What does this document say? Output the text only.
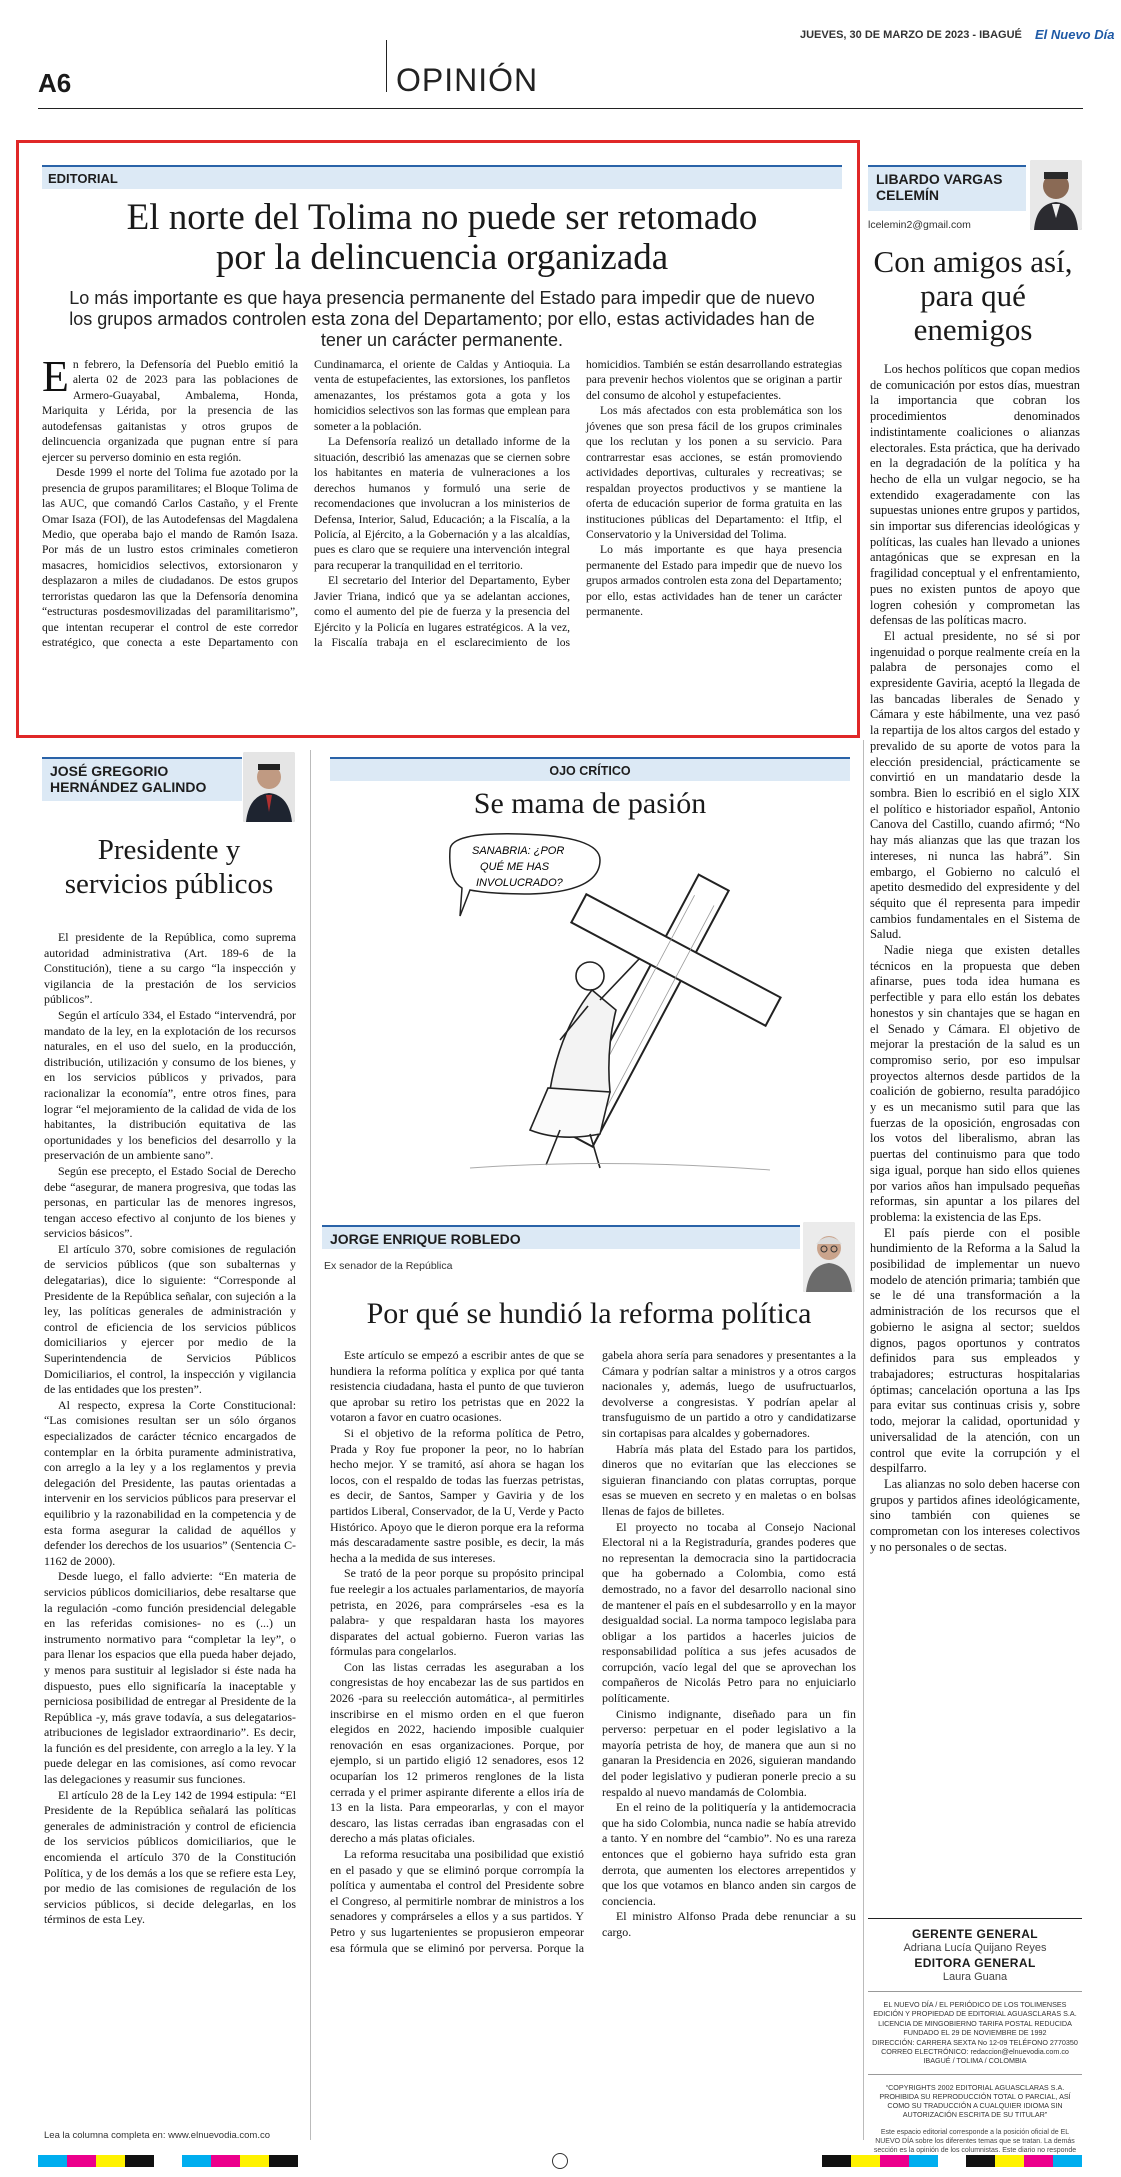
JUEVES, 30 DE MARZO DE 2023 - IBAGUÉ El Nuevo Día
A6	OPINIÓN
EDITORIAL
El norte del Tolima no puede ser retomado
por la delincuencia organizada
Lo más importante es que haya presencia permanente del Estado para impedir que de nuevo los grupos armados controlen esta zona del Departamento; por ello, estas actividades han de tener un carácter permanente.

En febrero, la Defensoría del Pueblo emitió la alerta 02 de 2023 para las poblaciones de Armero-Guayabal, Ambalema, Honda, Mariquita y Lérida, por la presencia de las autodefensas gaitanistas y otros grupos de delincuencia organizada que pugnan entre sí para ejercer su perverso dominio en esta región.

Desde 1999 el norte del Tolima fue azotado por la presencia de grupos paramilitares; el Bloque Tolima de las AUC, que comandó Carlos Castaño, y el Frente Omar Isaza (FOI), de las Autodefensas del Magdalena Medio, que operaba bajo el mando de Ramón Isaza. Por más de un lustro estos criminales cometieron masacres, homicidios selectivos, extorsionaron y desplazaron a miles de ciudadanos. De estos grupos terroristas quedaron las que la Defensoría denomina “estructuras posdesmovilizadas del paramilitarismo”, que intentan recuperar el control de este corredor estratégico, que conecta a este Departamento con Cundinamarca, el oriente de Caldas y Antioquia. La venta de estupefacientes, las extorsiones, los panfletos amenazantes, los préstamos gota a gota y los homicidios selectivos son las formas que emplean para someter a la población.

La Defensoría realizó un detallado informe de la situación, describió las amenazas que se ciernen sobre los habitantes en materia de vulneraciones a los derechos humanos y formuló una serie de recomendaciones que involucran a los ministerios de Defensa, Interior, Salud, Educación; a la Fiscalía, a la Policía, al Ejército, a la Gobernación y a las alcaldías, pues es claro que se requiere una intervención integral para recuperar la tranquilidad en el territorio.

El secretario del Interior del Departamento, Eyber Javier Triana, indicó que ya se adelantan acciones, como el aumento del pie de fuerza y la presencia del Ejército y la Policía en lugares estratégicos. A la vez, la Fiscalía trabaja en el esclarecimiento de los homicidios. También se están desarrollando estrategias para prevenir hechos violentos que se originan a partir del consumo de alcohol y estupefacientes.

Los más afectados con esta problemática son los jóvenes que son presa fácil de los grupos criminales que los reclutan y los ponen a su servicio. Para contrarrestar esas acciones, se están promoviendo actividades deportivas, culturales y recreativas; se respaldan proyectos productivos y se mantiene la oferta de educación superior de forma gratuita en las instituciones públicas del Departamento: el Itfip, el Conservatorio y la Universidad del Tolima.

Lo más importante es que haya presencia permanente del Estado para impedir que de nuevo los grupos armados controlen esta zona del Departamento; por ello, estas actividades han de tener un carácter permanente.

LIBARDO VARGAS CELEMÍN
lcelemin2@gmail.com
Con amigos así, para qué enemigos

Los hechos políticos que copan medios de comunicación por estos días, muestran la importancia que cobran los procedimientos denominados indistintamente coaliciones o alianzas electorales. Esta práctica, que ha derivado en la degradación de la política y ha hecho de ella un vulgar negocio, se ha extendido exageradamente con las supuestas uniones entre grupos y partidos, sin importar sus diferencias ideológicas y políticas, las cuales han llevado a uniones antagónicas que se expresan en la fragilidad conceptual y el enfrentamiento, pues no existen puntos de apoyo que logren cohesión y comprometan las defensas de las políticas macro.

El actual presidente, no sé si por ingenuidad o porque realmente creía en la palabra de personajes como el expresidente Gaviria, aceptó la llegada de las bancadas liberales de Senado y Cámara y este hábilmente, una vez pasó la repartija de los altos cargos del estado y prevalido de su aporte de votos para la elección presidencial, prácticamente se convirtió en un mandatario desde la sombra. Bien lo escribió en el siglo XIX el político e historiador español, Antonio Canova del Castillo, cuando afirmó; “No hay más alianzas que las que trazan los intereses, ni nunca las habrá”. Sin embargo, el Gobierno no calculó el apetito desmedido del expresidente y del séquito que él representa para impedir cambios fundamentales en el Sistema de Salud.

Nadie niega que existen detalles técnicos en la propuesta que deben afinarse, pues toda idea humana es perfectible y para ello están los debates honestos y sin chantajes que se hagan en el Senado y Cámara. El objetivo de mejorar la prestación de la salud es un compromiso serio, por eso impulsar proyectos alternos desde partidos de la coalición de gobierno, resulta paradójico y es un mecanismo sutil para que las fuerzas de la oposición, engrosadas con los votos del liberalismo, abran las puertas del continuismo para que todo siga igual, porque han sido ellos quienes por varios años han impulsado pequeñas reformas, sin apuntar a los pilares del problema: la existencia de las Eps.

El país pierde con el posible hundimiento de la Reforma a la Salud la posibilidad de implementar un nuevo modelo de atención primaria; también que se le dé una transformación a la administración de los recursos que el gobierno le asigna al sector; sueldos dignos, pagos oportunos y contratos definidos para sus empleados y trabajadores; estructuras hospitalarias óptimas; cancelación oportuna a las Ips para evitar sus continuas crisis y, sobre todo, mejorar la calidad, oportunidad y universalidad de la atención, con un control que evite la corrupción y el despilfarro.

Las alianzas no solo deben hacerse con grupos y partidos afines ideológicamente, sino también con quienes se comprometan con los intereses colectivos y no personales o de sectas.

GERENTE GENERAL
Adriana Lucía Quijano Reyes
EDITORA GENERAL
Laura Guana
EL NUEVO DÍA / EL PERIÓDICO DE LOS TOLIMENSES
EDICIÓN Y PROPIEDAD DE EDITORIAL AGUASCLARAS S.A.
LICENCIA DE MINGOBIERNO TARIFA POSTAL REDUCIDA
FUNDADO EL 29 DE NOVIEMBRE DE 1992
DIRECCIÓN: CARRERA SEXTA No 12-09 TELÉFONO 2770350
CORREO ELECTRÓNICO: redaccion@elnuevodia.com.co
IBAGUÉ / TOLIMA / COLOMBIA
“COPYRIGHTS 2002 EDITORIAL AGUASCLARAS S.A. PROHIBIDA SU REPRODUCCIÓN TOTAL O PARCIAL, ASÍ COMO SU TRADUCCIÓN A CUALQUIER IDIOMA SIN AUTORIZACIÓN ESCRITA DE SU TITULAR”
Este espacio editorial corresponde a la posición oficial de EL NUEVO DÍA sobre los diferentes temas que se tratan. La demás sección es la opinión de los columnistas. Este diario no responde
JOSÉ GREGORIO
HERNÁNDEZ GALINDO
Presidente y
servicios públicos

El presidente de la República, como suprema autoridad administrativa (Art. 189-6 de la Constitución), tiene a su cargo “la inspección y vigilancia de la prestación de los servicios públicos”.

Según el artículo 334, el Estado “intervendrá, por mandato de la ley, en la explotación de los recursos naturales, en el uso del suelo, en la producción, distribución, utilización y consumo de los bienes, y en los servicios públicos y privados, para racionalizar la economía”, entre otros fines, para lograr “el mejoramiento de la calidad de vida de los habitantes, la distribución equitativa de las oportunidades y los beneficios del desarrollo y la preservación de un ambiente sano”.

Según ese precepto, el Estado Social de Derecho debe “asegurar, de manera progresiva, que todas las personas, en particular las de menores ingresos, tengan acceso efectivo al conjunto de los bienes y servicios básicos”.

El artículo 370, sobre comisiones de regulación de servicios públicos (que son subalternas y delegatarias), dice lo siguiente: “Corresponde al Presidente de la República señalar, con sujeción a la ley, las políticas generales de administración y control de eficiencia de los servicios públicos domiciliarios y ejercer por medio de la Superintendencia de Servicios Públicos Domiciliarios, el control, la inspección y vigilancia de las entidades que los presten”.

Al respecto, expresa la Corte Constitucional: “Las comisiones resultan ser un sólo órganos especializados de carácter técnico encargados de contemplar en la órbita puramente administrativa, con arreglo a la ley y a los reglamentos y previa delegación del Presidente, las pautas orientadas a intervenir en los servicios públicos para preservar el equilibrio y la razonabilidad en la competencia y de esta forma asegurar la calidad de aquéllos y defender los derechos de los usuarios” (Sentencia C-1162 de 2000).

Desde luego, el fallo advierte: “En materia de servicios públicos domiciliarios, debe resaltarse que la regulación -como función presidencial delegable en las referidas comisiones- no es (...) un instrumento normativo para “completar la ley”, o para llenar los espacios que ella pueda haber dejado, y menos para sustituir al legislador si éste nada ha dispuesto, pues ello significaría la inaceptable y perniciosa posibilidad de entregar al Presidente de la República -y, más grave todavía, a sus delegatarios- atribuciones de legislador extraordinario”. Es decir, la función es del presidente, con arreglo a la ley. Y la puede delegar en las comisiones, así como revocar las delegaciones y reasumir sus funciones.

El artículo 28 de la Ley 142 de 1994 estipula: “El Presidente de la República señalará las políticas generales de administración y control de eficiencia de los servicios públicos domiciliarios, que le encomienda el artículo 370 de la Constitución Política, y de los demás a los que se refiere esta Ley, por medio de las comisiones de regulación de los servicios públicos, si decide delegarlas, en los términos de esta Ley.

Lea la columna completa en: www.elnuevodia.com.co
OJO CRÍTICO
Se mama de pasión
SANABRIA: ¿POR
QUÉ ME HAS
INVOLUCRADO?
JORGE ENRIQUE ROBLEDO
Ex senador de la República
Por qué se hundió la reforma política

Este artículo se empezó a escribir antes de que se hundiera la reforma política y explica por qué tanta resistencia ciudadana, hasta el punto de que tuvieron que aprobar su retiro los petristas que en 2022 la votaron a favor en cuatro ocasiones.

Si el objetivo de la reforma política de Petro, Prada y Roy fue proponer la peor, no lo habrían hecho mejor. Y se tramitó, así ahora se hagan los locos, con el respaldo de todas las fuerzas petristas, es decir, de Santos, Samper y Gaviria y de los partidos Liberal, Conservador, de la U, Verde y Pacto Histórico. Apoyo que le dieron porque era la reforma más descaradamente sastre posible, es decir, la más hecha a la medida de sus intereses.

Se trató de la peor porque su propósito principal fue reelegir a los actuales parlamentarios, de mayoría petrista, en 2026, para comprárseles -esa es la palabra- y que respaldaran hasta los mayores disparates del actual gobierno. Fueron varias las fórmulas para congelarlos.

Con las listas cerradas les aseguraban a los congresistas de hoy encabezar las de sus partidos en 2026 -para su reelección automática-, al permitirles inscribirse en el mismo orden en el que fueron elegidos en 2022, haciendo imposible cualquier renovación en esas organizaciones. Porque, por ejemplo, si un partido eligió 12 senadores, esos 12 ocuparían los 12 primeros renglones de la lista cerrada y el primer aspirante diferente a ellos iría de 13 en la lista. Para empeorarlas, y con el mayor descaro, las listas cerradas iban engrasadas con el derecho a más platas oficiales.

La reforma resucitaba una posibilidad que existió en el pasado y que se eliminó porque corrompía la política y aumentaba el control del Presidente sobre el Congreso, al permitirle nombrar de ministros a los senadores y comprárseles a ellos y a sus partidos. Y Petro y sus lugartenientes se propusieron empeorar esa fórmula que se eliminó por perversa. Porque la gabela ahora sería para senadores y presentantes a la Cámara y podrían saltar a ministros y a otros cargos nacionales y, además, luego de usufructuarlos, devolverse a congresistas. Y podrían apelar al transfuguismo de un partido a otro y candidatizarse sin cortapisas para alcaldes y gobernadores.

Habría más plata del Estado para los partidos, dineros que no evitarían que las elecciones se siguieran financiando con platas corruptas, porque esas se mueven en secreto y en maletas o en bolsas llenas de fajos de billetes.

El proyecto no tocaba al Consejo Nacional Electoral ni a la Registraduría, grandes poderes que no representan la democracia sino la partidocracia que ha gobernado a Colombia, como está demostrado, no a favor del desarrollo nacional sino de mantener el país en el subdesarrollo y en la mayor desigualdad social. La norma tampoco legislaba para obligar a los partidos a hacerles juicios de responsabilidad política a sus jefes acusados de corrupción, vacío legal del que se aprovechan los compañeros de Nicolás Petro para no enjuiciarlo políticamente.

Cinismo indignante, diseñado para un fin perverso: perpetuar en el poder legislativo a la mayoría petrista de hoy, de manera que aun si no ganaran la Presidencia en 2026, siguieran mandando del poder legislativo y pudieran ponerle precio a su respaldo al nuevo mandamás de Colombia.

En el reino de la politiquería y la antidemocracia que ha sido Colombia, nunca nadie se había atrevido a tanto. Y en nombre del “cambio”. No es una rareza entonces que el gobierno haya sufrido esta gran derrota, que aumenten los electores arrepentidos y que los que votamos en blanco anden sin cargos de conciencia.

El ministro Alfonso Prada debe renunciar a su cargo.
